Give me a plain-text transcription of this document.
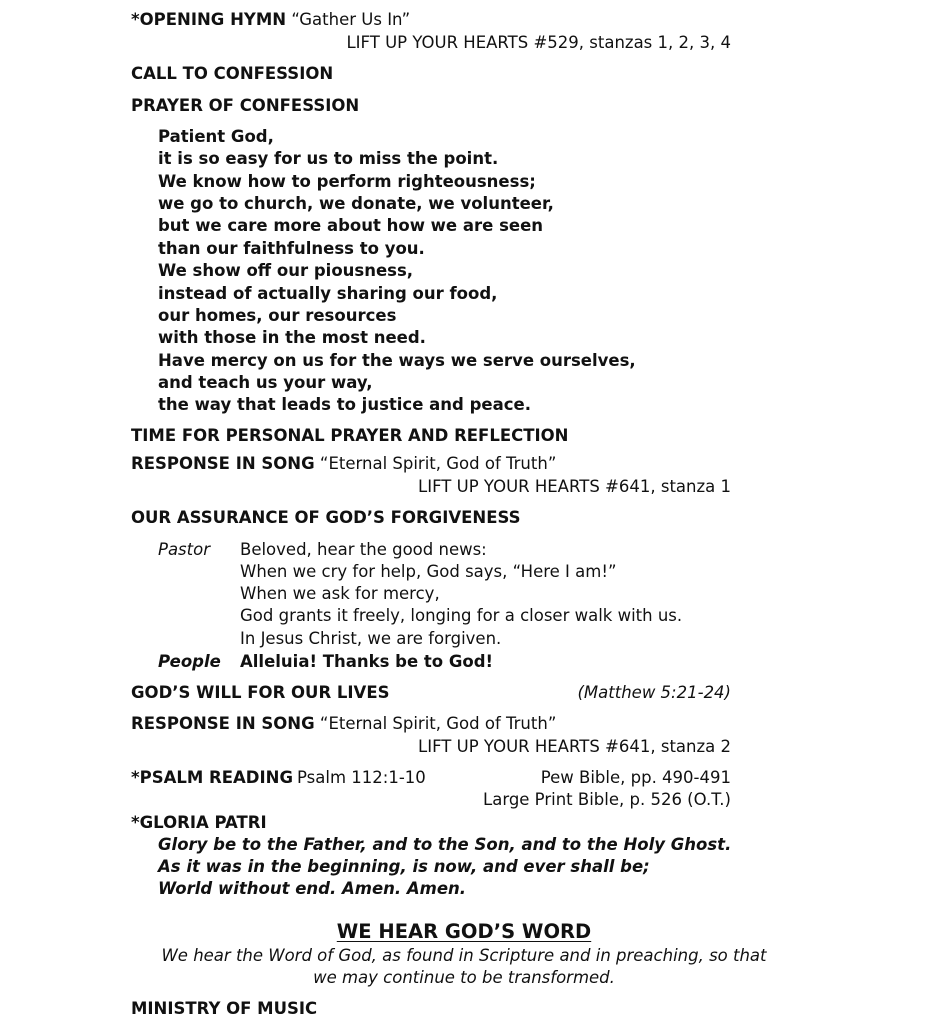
*OPENING HYMN “Gather Us In”
LIFT UP YOUR HEARTS #529, stanzas 1, 2, 3, 4
CALL TO CONFESSION
PRAYER OF CONFESSION
Patient God,
it is so easy for us to miss the point.
We know how to perform righteousness;
we go to church, we donate, we volunteer,
but we care more about how we are seen
than our faithfulness to you.
We show off our piousness,
instead of actually sharing our food,
our homes, our resources
with those in the most need.
Have mercy on us for the ways we serve ourselves,
and teach us your way,
the way that leads to justice and peace.
TIME FOR PERSONAL PRAYER AND REFLECTION
RESPONSE IN SONG “Eternal Spirit, God of Truth”
LIFT UP YOUR HEARTS #641, stanza 1
OUR ASSURANCE OF GOD’S FORGIVENESS
Pastor Beloved, hear the good news:
When we cry for help, God says, “Here I am!”
When we ask for mercy,
God grants it freely, longing for a closer walk with us.
In Jesus Christ, we are forgiven.
People Alleluia! Thanks be to God!
GOD’S WILL FOR OUR LIVES	(Matthew 5:21-24)
RESPONSE IN SONG “Eternal Spirit, God of Truth”
LIFT UP YOUR HEARTS #641, stanza 2
*PSALM READING Psalm 112:1-10	Pew Bible, pp. 490-491
Large Print Bible, p. 526 (O.T.)
*GLORIA PATRI
Glory be to the Father, and to the Son, and to the Holy Ghost.
As it was in the beginning, is now, and ever shall be;
World without end. Amen. Amen.
WE HEAR GOD’S WORD
We hear the Word of God, as found in Scripture and in preaching, so that
we may continue to be transformed.
MINISTRY OF MUSIC
